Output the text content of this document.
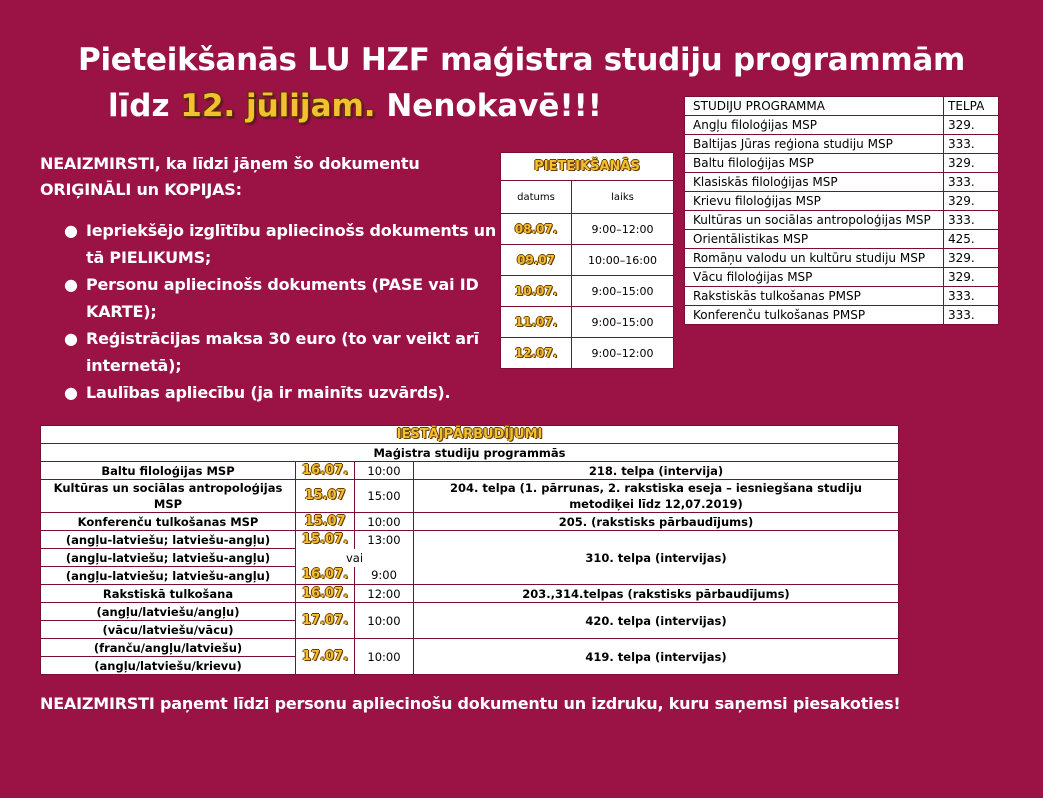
Pieteikšanās LU HZF maģistra studiju programmām
līdz 12. jūlijam. Nenokavē!!!
NEAIZMIRSTI, ka līdzi jāņem šo dokumentu
ORIĢINĀLI un KOPIJAS:
● Iepriekšējo izglītību apliecinošs dokuments un tā PIELIKUMS;
● Personu apliecinošs dokuments (PASE vai ID KARTE);
● Reģistrācijas maksa 30 euro (to var veikt arī internetā);
● Laulības apliecību (ja ir mainīts uzvārds).
PIETEIKŠANĀS	
datums	laiks
08.07.	9:00–12:00
09.07	10:00–16:00
10.07.	9:00–15:00
11.07.	9:00–15:00
12.07.	9:00–12:00
STUDIJU PROGRAMMA	TELPA
Angļu filoloģijas MSP	329.
Baltijas Jūras reģiona studiju MSP	333.
Baltu filoloģijas MSP	329.
Klasiskās filoloģijas MSP	333.
Krievu filoloģijas MSP	329.
Kultūras un sociālas antropoloģijas MSP	333.
Orientālistikas MSP	425.
Romāņu valodu un kultūru studiju MSP	329.
Vācu filoloģijas MSP	329.
Rakstiskās tulkošanas PMSP	333.
Konferenču tulkošanas PMSP	333.
IESTĀJPĀRBUDĪJUMI			
Maģistra studiju programmās			
Baltu filoloģijas MSP	16.07.	10:00	218. telpa (intervija)
Kultūras un sociālas antropoloģijas MSP	15.07	15:00	204. telpa (1. pārrunas, 2. rakstiska eseja – iesniegšana studiju metodiķei līdz 12,07.2019)
Konferenču tulkošanas MSP	15.07	10:00	205. (rakstisks pārbaudījums)
(angļu-latviešu; latviešu-angļu)	15.07.	13:00	310. telpa (intervijas)
(angļu-latviešu; latviešu-angļu)	vai		
(angļu-latviešu; latviešu-angļu)	16.07.	9:00	
Rakstiskā tulkošana	16.07.	12:00	203.,314.telpas (rakstisks pārbaudījums)
(angļu/latviešu/angļu)	17.07.	10:00	420. telpa (intervijas)
(vācu/latviešu/vācu)			
(franču/angļu/latviešu)	17.07.	10:00	419. telpa (intervijas)
(angļu/latviešu/krievu)			
NEAIZMIRSTI paņemt līdzi personu apliecinošu dokumentu un izdruku, kuru saņemsi piesakoties!
